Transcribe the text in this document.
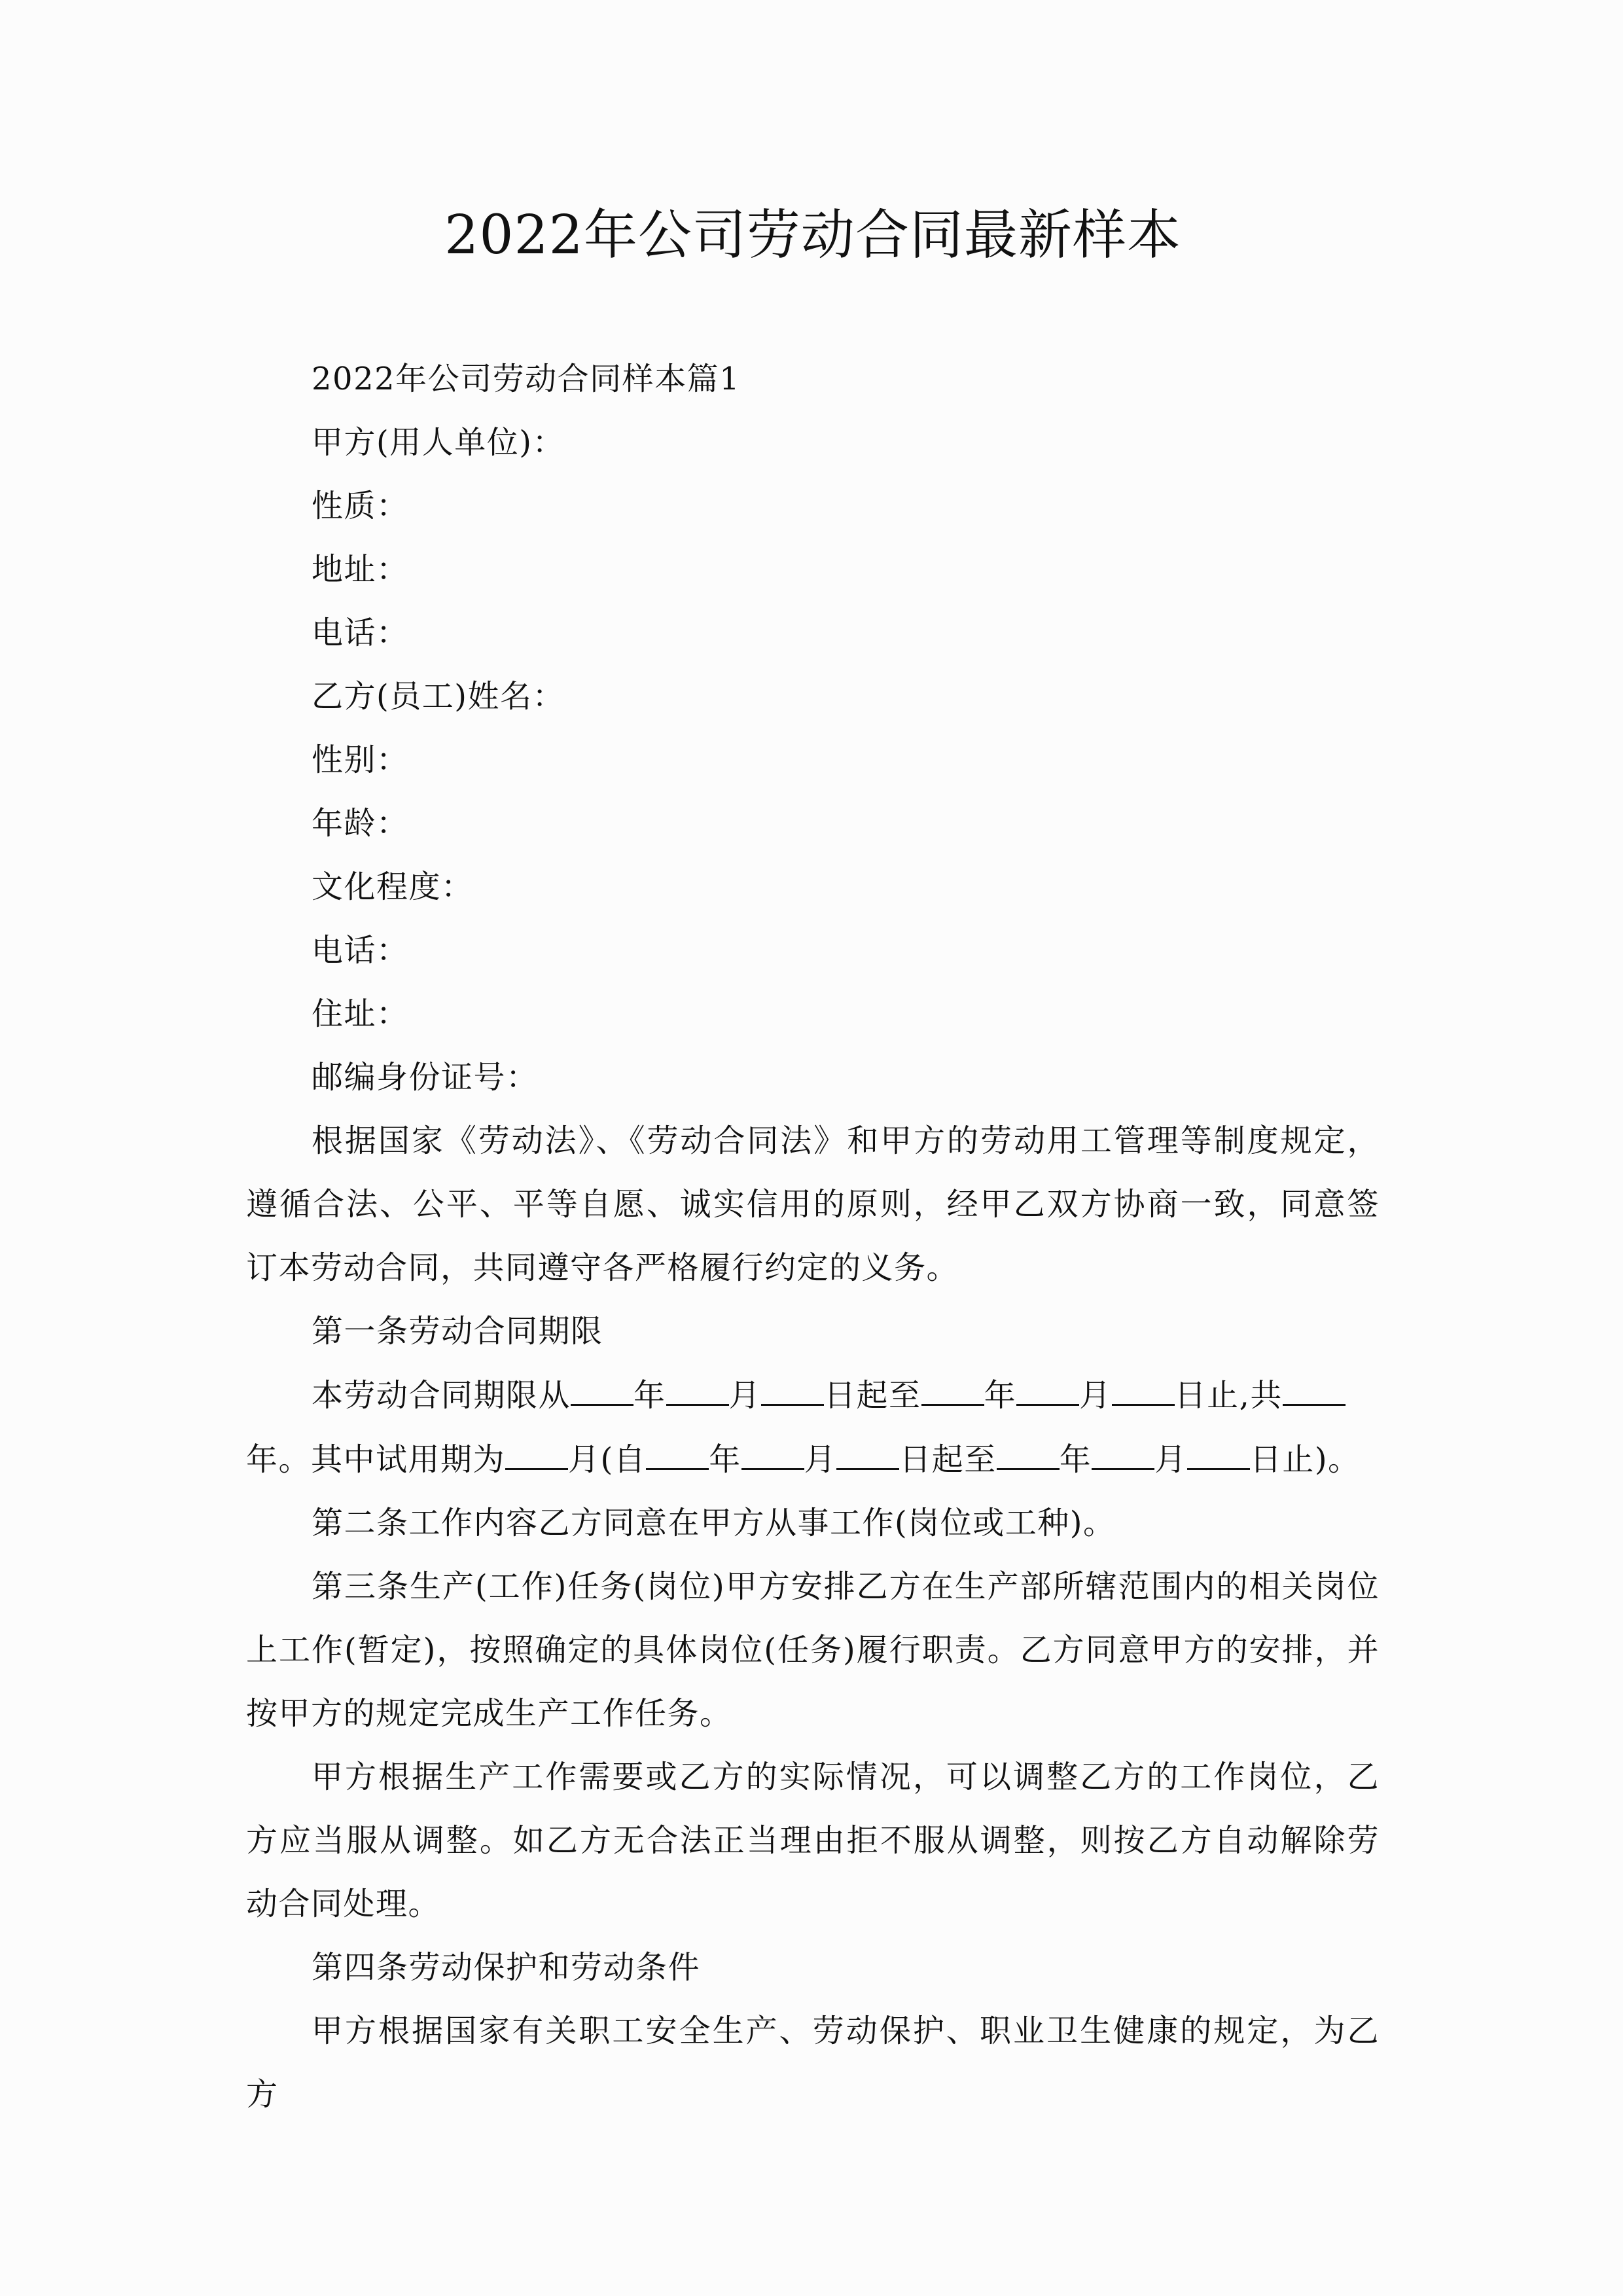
2022年公司劳动合同最新样本

2022年公司劳动合同样本篇1

甲方(用人单位)：

性质：

地址：

电话：

乙方(员工)姓名：

性别：

年龄：

文化程度：

电话：

住址：

邮编身份证号：

根据国家《劳动法》、《劳动合同法》和甲方的劳动用工管理等制度规定，遵循合法、公平、平等自愿、诚实信用的原则，经甲乙双方协商一致，同意签订本劳动合同，共同遵守各严格履行约定的义务。

第一条劳动合同期限

本劳动合同期限从 年 月 日起至 年 月 日止,共

年。其中试用期为 月(自 年 月 日起至 年 月 日止)。

第二条工作内容乙方同意在甲方从事工作(岗位或工种)。

第三条生产(工作)任务(岗位)甲方安排乙方在生产部所辖范围内的相关岗位上工作(暂定)，按照确定的具体岗位(任务)履行职责。乙方同意甲方的安排，并按甲方的规定完成生产工作任务。

甲方根据生产工作需要或乙方的实际情况，可以调整乙方的工作岗位，乙方应当服从调整。如乙方无合法正当理由拒不服从调整，则按乙方自动解除劳动合同处理。

第四条劳动保护和劳动条件

甲方根据国家有关职工安全生产、劳动保护、职业卫生健康的规定，为乙方
